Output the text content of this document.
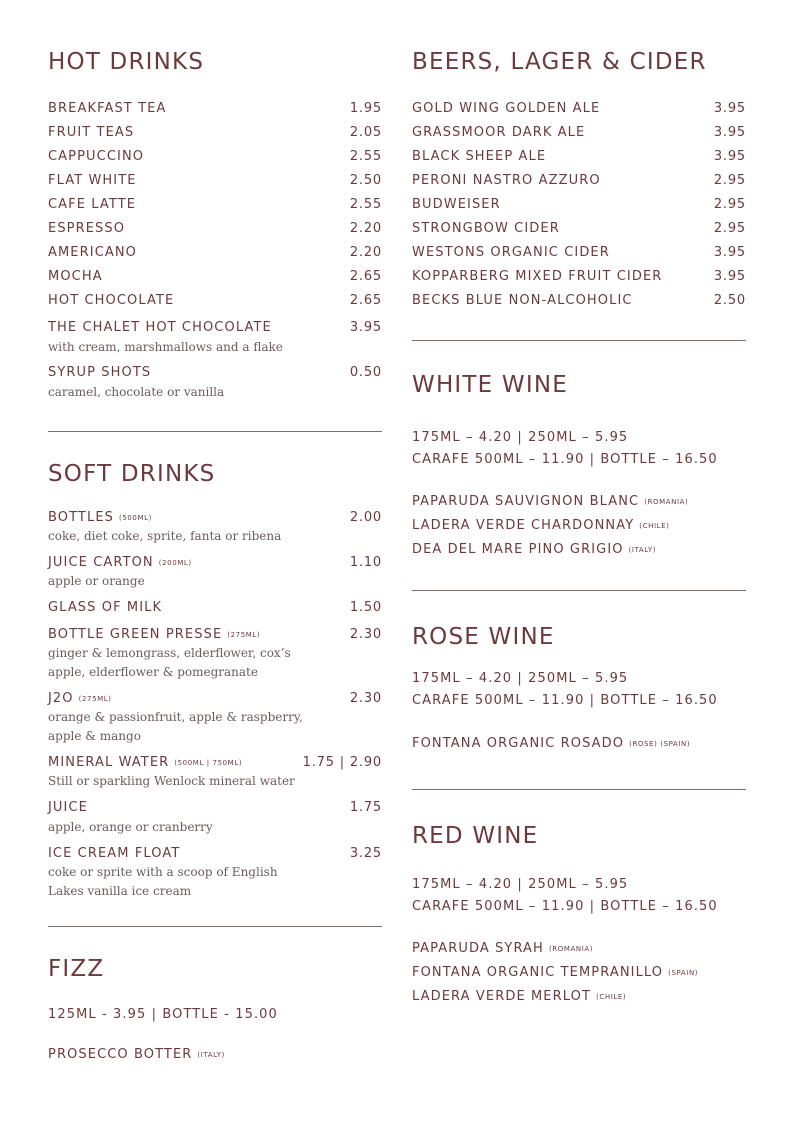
HOT DRINKS
BREAKFAST TEA	1.95
FRUIT TEAS	2.05
CAPPUCCINO	2.55
FLAT WHITE	2.50
CAFE LATTE	2.55
ESPRESSO	2.20
AMERICANO	2.20
MOCHA	2.65
HOT CHOCOLATE	2.65
THE CHALET HOT CHOCOLATE	3.95
with cream, marshmallows and a flake
SYRUP SHOTS	0.50
caramel, chocolate or vanilla
SOFT DRINKS
BOTTLES (500ML)	2.00
coke, diet coke, sprite, fanta or ribena
JUICE CARTON (200ML)	1.10
apple or orange
GLASS OF MILK	1.50
BOTTLE GREEN PRESSE (275ML)	2.30
ginger & lemongrass, elderflower, cox’s apple, elderflower & pomegranate
J2O (275ML)	2.30
orange & passionfruit, apple & raspberry, apple & mango
MINERAL WATER (500ML | 750ML)	1.75 | 2.90
Still or sparkling Wenlock mineral water
JUICE	1.75
apple, orange or cranberry
ICE CREAM FLOAT	3.25
coke or sprite with a scoop of English Lakes vanilla ice cream
FIZZ
125ML - 3.95 | BOTTLE - 15.00
PROSECCO BOTTER (ITALY)
BEERS, LAGER & CIDER
GOLD WING GOLDEN ALE	3.95
GRASSMOOR DARK ALE	3.95
BLACK SHEEP ALE	3.95
PERONI NASTRO AZZURO	2.95
BUDWEISER	2.95
STRONGBOW CIDER	2.95
WESTONS ORGANIC CIDER	3.95
KOPPARBERG MIXED FRUIT CIDER	3.95
BECKS BLUE NON-ALCOHOLIC	2.50
WHITE WINE
175ML – 4.20 | 250ML – 5.95
CARAFE 500ML – 11.90 | BOTTLE – 16.50
PAPARUDA SAUVIGNON BLANC (ROMANIA)
LADERA VERDE CHARDONNAY (CHILE)
DEA DEL MARE PINO GRIGIO (ITALY)
ROSE WINE
175ML – 4.20 | 250ML – 5.95
CARAFE 500ML – 11.90 | BOTTLE – 16.50
FONTANA ORGANIC ROSADO (ROSE) (SPAIN)
RED WINE
175ML – 4.20 | 250ML – 5.95
CARAFE 500ML – 11.90 | BOTTLE – 16.50
PAPARUDA SYRAH (ROMANIA)
FONTANA ORGANIC TEMPRANILLO (SPAIN)
LADERA VERDE MERLOT (CHILE)
